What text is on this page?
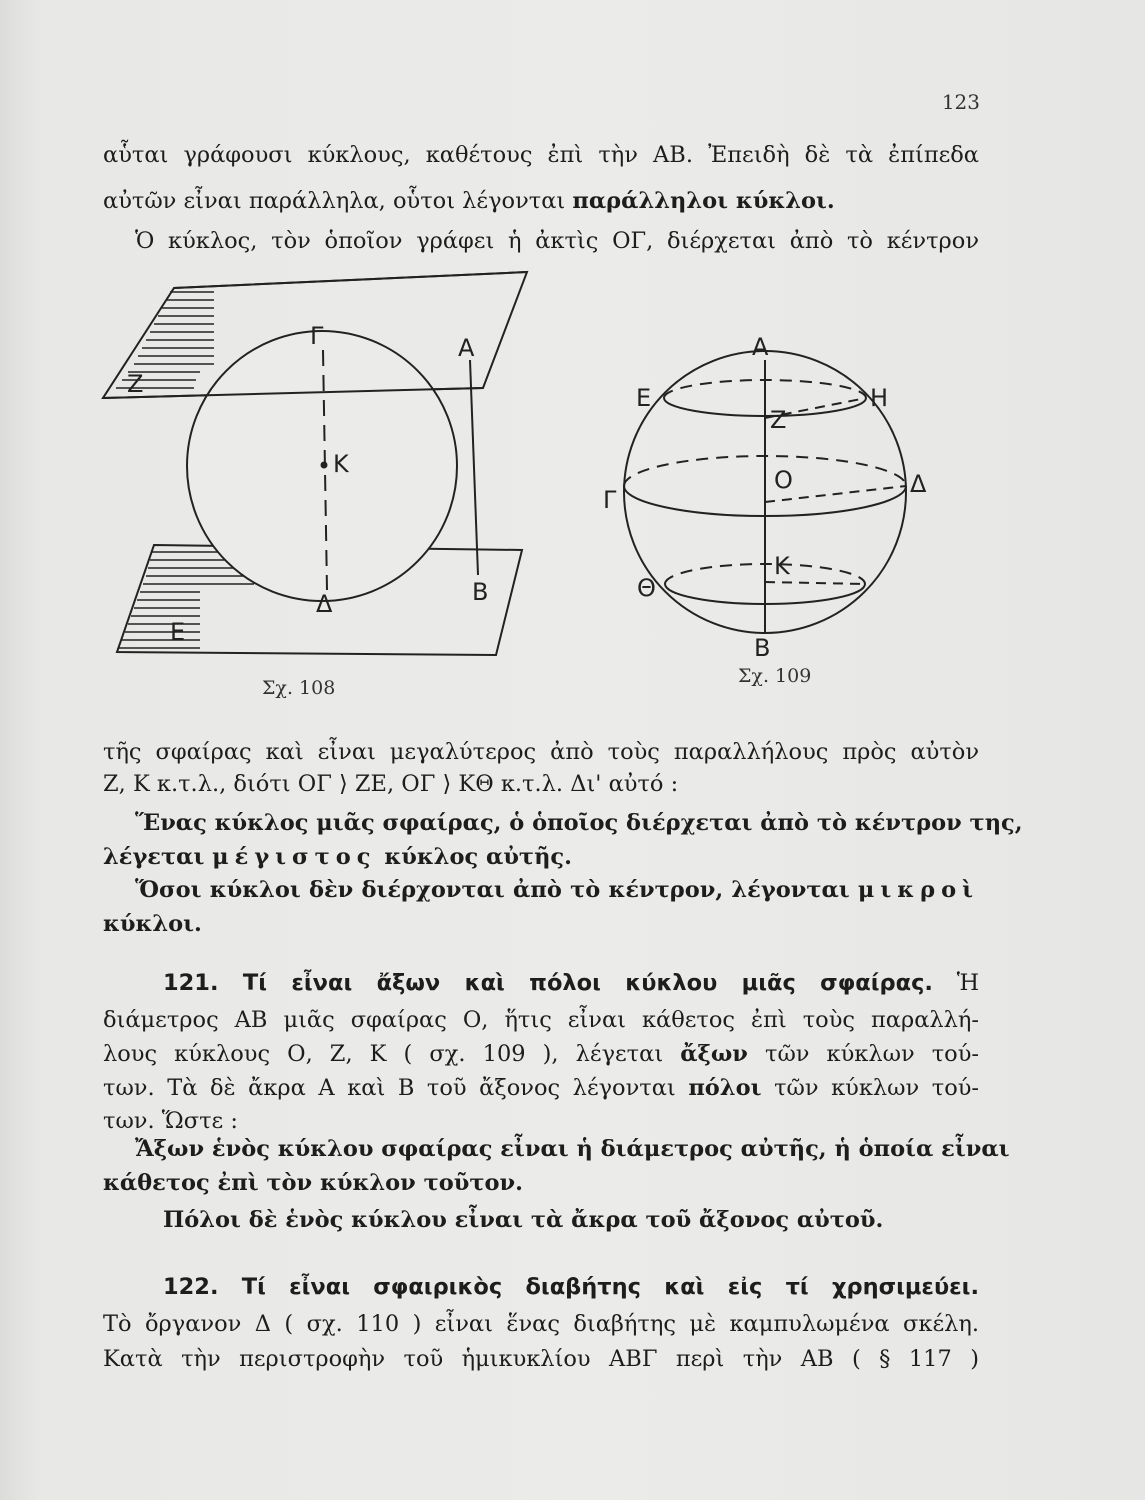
123
αὗται γράφουσι κύκλους, καθέτους ἐπὶ τὴν ΑΒ. Ἐπειδὴ δὲ τὰ ἐπίπεδα
αὐτῶν εἶναι παράλληλα, οὗτοι λέγονται παράλληλοι κύκλοι.
Ὁ κύκλος, τὸν ὁποῖον γράφει ἡ ἀκτὶς ΟΓ, διέρχεται ἀπὸ τὸ κέντρον
Γ	Α
Ζ
Κ
Δ	Β
Ε
Α
Ε	Η
Ζ
Γ
Ο	Δ
Κ
Θ
Β
Σχ. 108
Σχ. 109
τῆς σφαίρας καὶ εἶναι μεγαλύτερος ἀπὸ τοὺς παραλλήλους πρὸς αὐτὸν
Ζ, Κ κ.τ.λ., διότι ΟΓ ⟩ ΖΕ, ΟΓ ⟩ ΚΘ κ.τ.λ. Δι' αὐτό :
Ἕνας κύκλος μιᾶς σφαίρας, ὁ ὁποῖος διέρχεται ἀπὸ τὸ κέντρον της,
λέγεται μέγιστος κύκλος αὐτῆς.
Ὅσοι κύκλοι δὲν διέρχονται ἀπὸ τὸ κέντρον, λέγονται μικροὶ
κύκλοι.
121. Τί εἶναι ἄξων καὶ πόλοι κύκλου μιᾶς σφαίρας. Ἡ
διάμετρος ΑΒ μιᾶς σφαίρας Ο, ἥτις εἶναι κάθετος ἐπὶ τοὺς παραλλή-
λους κύκλους Ο, Ζ, Κ ( σχ. 109 ), λέγεται ἄξων τῶν κύκλων τού-
των. Τὰ δὲ ἄκρα Α καὶ Β τοῦ ἄξονος λέγονται πόλοι τῶν κύκλων τού-
των. Ὥστε :
Ἄξων ἑνὸς κύκλου σφαίρας εἶναι ἡ διάμετρος αὐτῆς, ἡ ὁποία εἶναι
κάθετος ἐπὶ τὸν κύκλον τοῦτον.
Πόλοι δὲ ἑνὸς κύκλου εἶναι τὰ ἄκρα τοῦ ἄξονος αὐτοῦ.
122. Τί εἶναι σφαιρικὸς διαβήτης καὶ εἰς τί χρησιμεύει.
Τὸ ὄργανον Δ ( σχ. 110 ) εἶναι ἕνας διαβήτης μὲ καμπυλωμένα σκέλη.
Κατὰ τὴν περιστροφὴν τοῦ ἡμικυκλίου ΑΒΓ περὶ τὴν ΑΒ ( § 117 )
